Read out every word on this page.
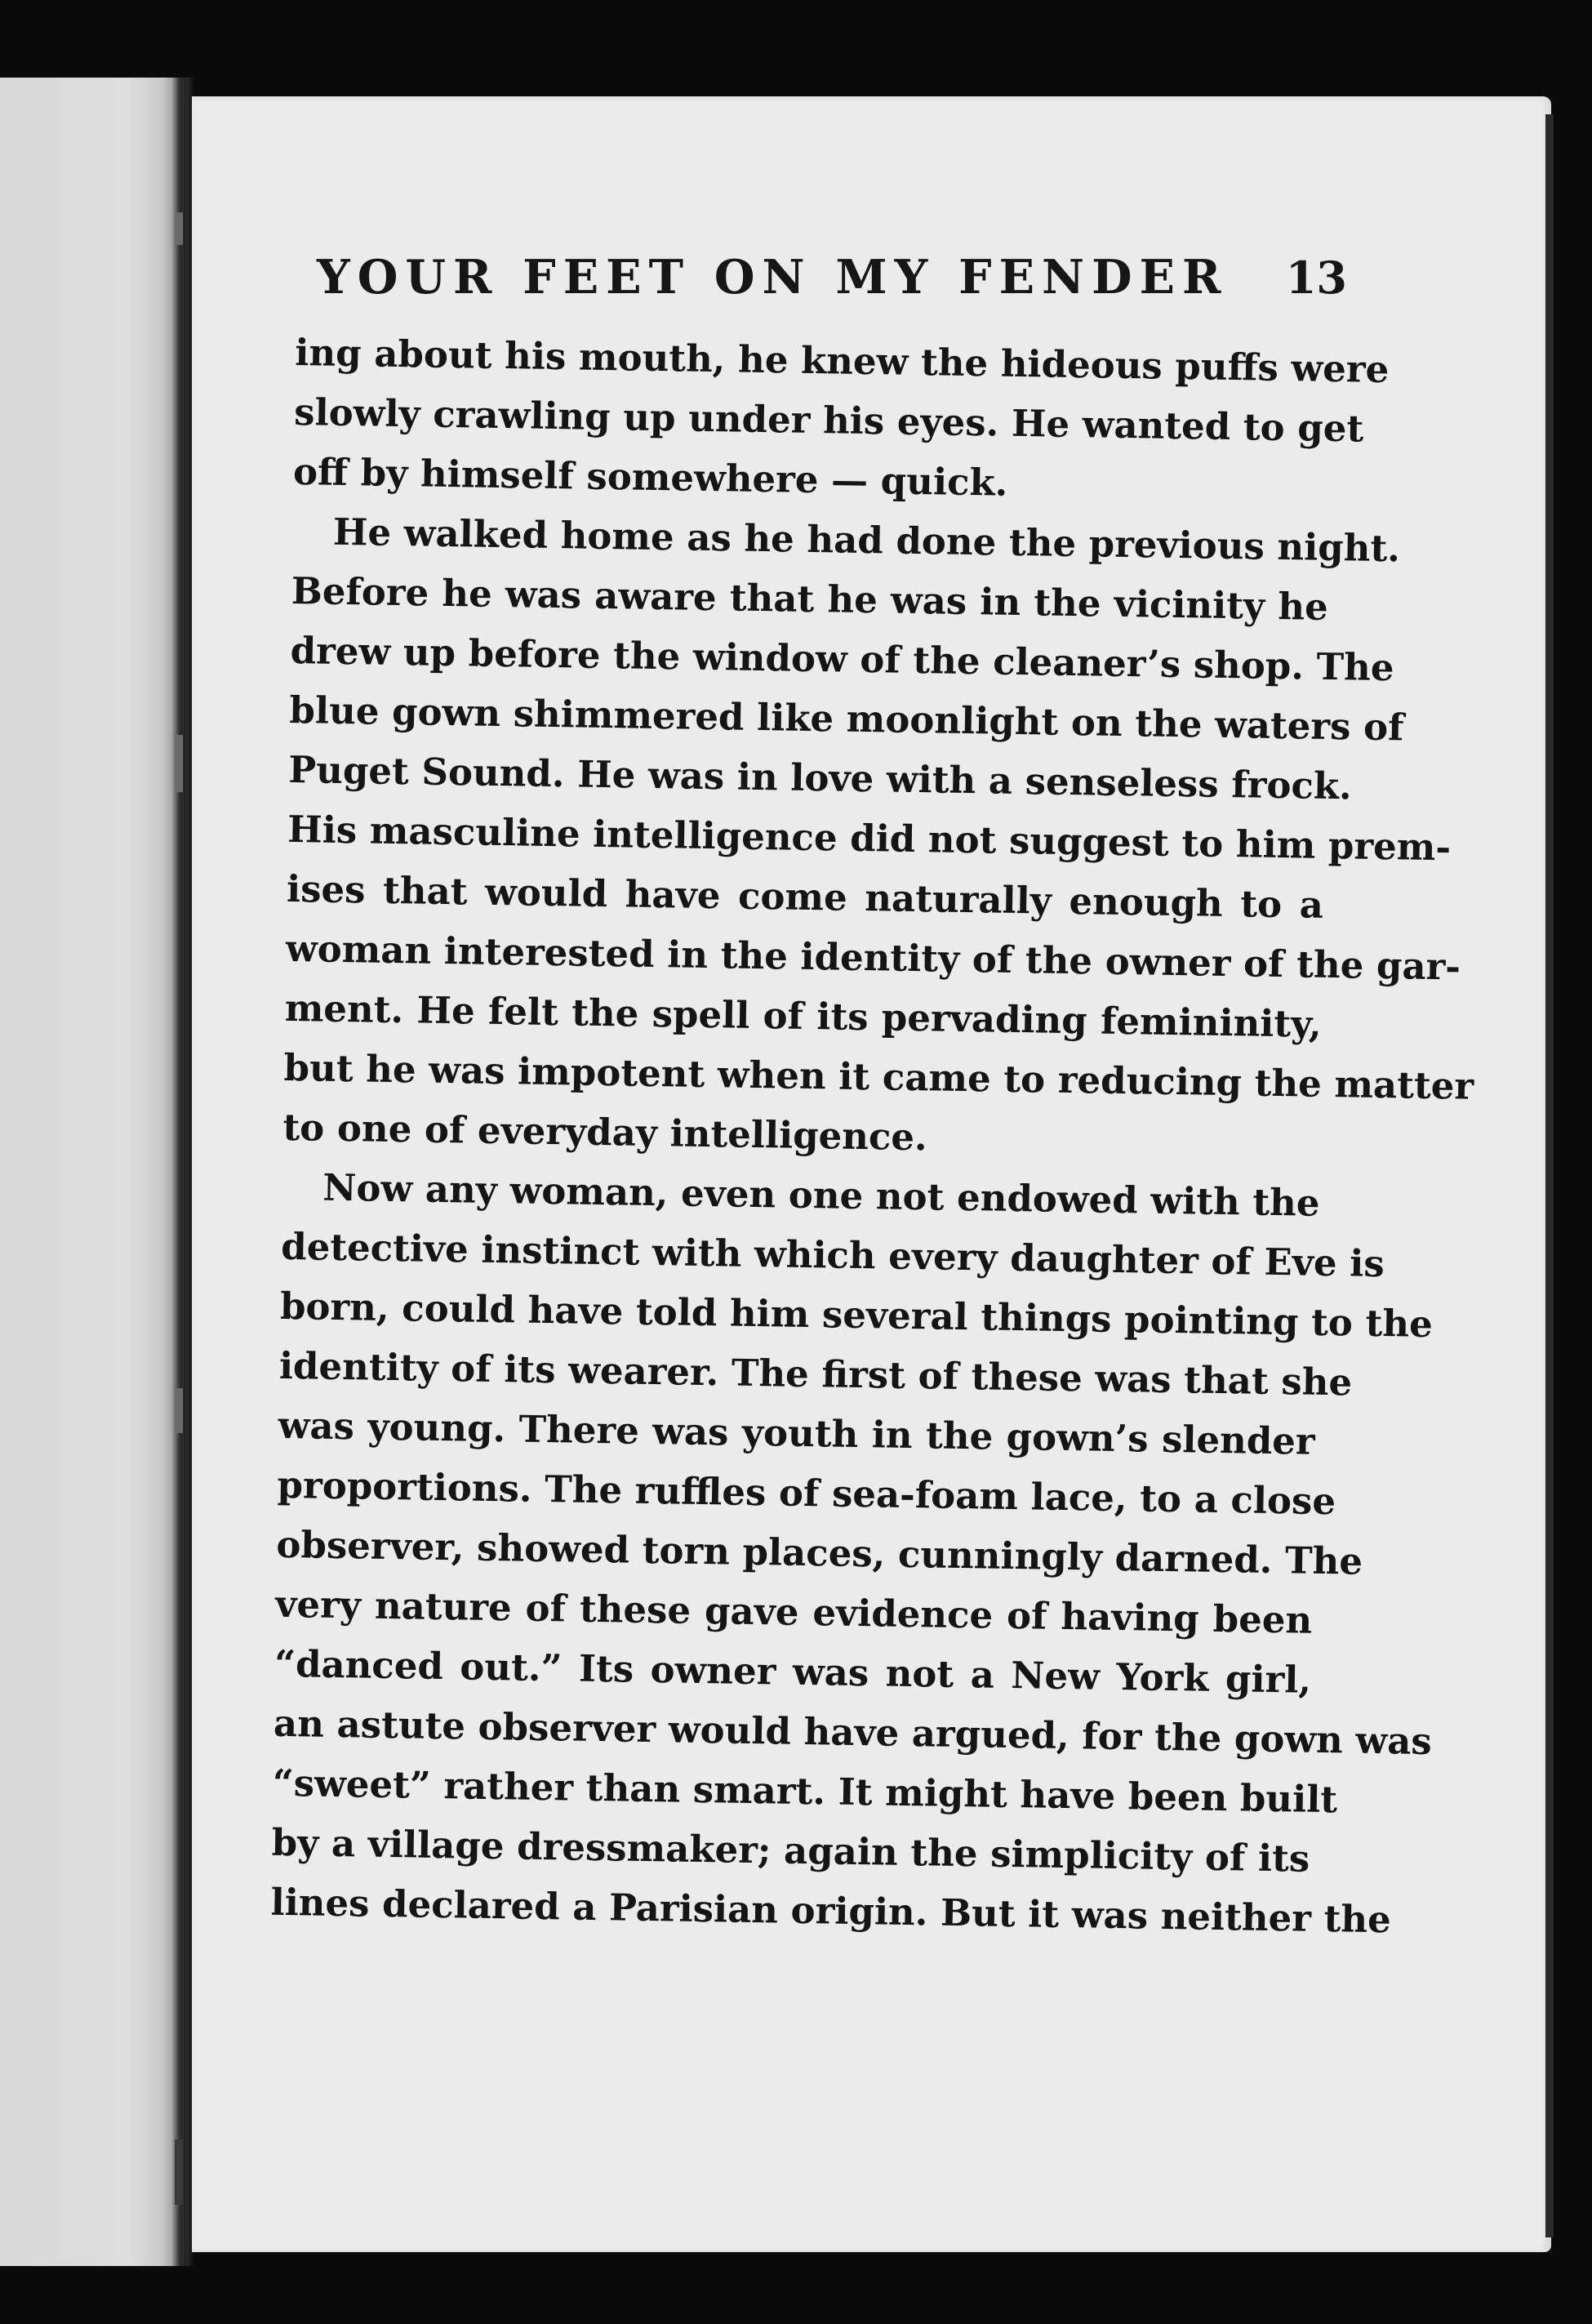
YOUR FEET ON MY FENDER 13
ing about his mouth, he knew the hideous puffs were
slowly crawling up under his eyes. He wanted to get
off by himself somewhere — quick.
He walked home as he had done the previous night.
Before he was aware that he was in the vicinity he
drew up before the window of the cleaner’s shop. The
blue gown shimmered like moonlight on the waters of
Puget Sound. He was in love with a senseless frock.
His masculine intelligence did not suggest to him prem-
ises that would have come naturally enough to a
woman interested in the identity of the owner of the gar-
ment. He felt the spell of its pervading femininity,
but he was impotent when it came to reducing the matter
to one of everyday intelligence.
Now any woman, even one not endowed with the
detective instinct with which every daughter of Eve is
born, could have told him several things pointing to the
identity of its wearer. The first of these was that she
was young. There was youth in the gown’s slender
proportions. The ruffles of sea-foam lace, to a close
observer, showed torn places, cunningly darned. The
very nature of these gave evidence of having been
“danced out.” Its owner was not a New York girl,
an astute observer would have argued, for the gown was
“sweet” rather than smart. It might have been built
by a village dressmaker; again the simplicity of its
lines declared a Parisian origin. But it was neither the
